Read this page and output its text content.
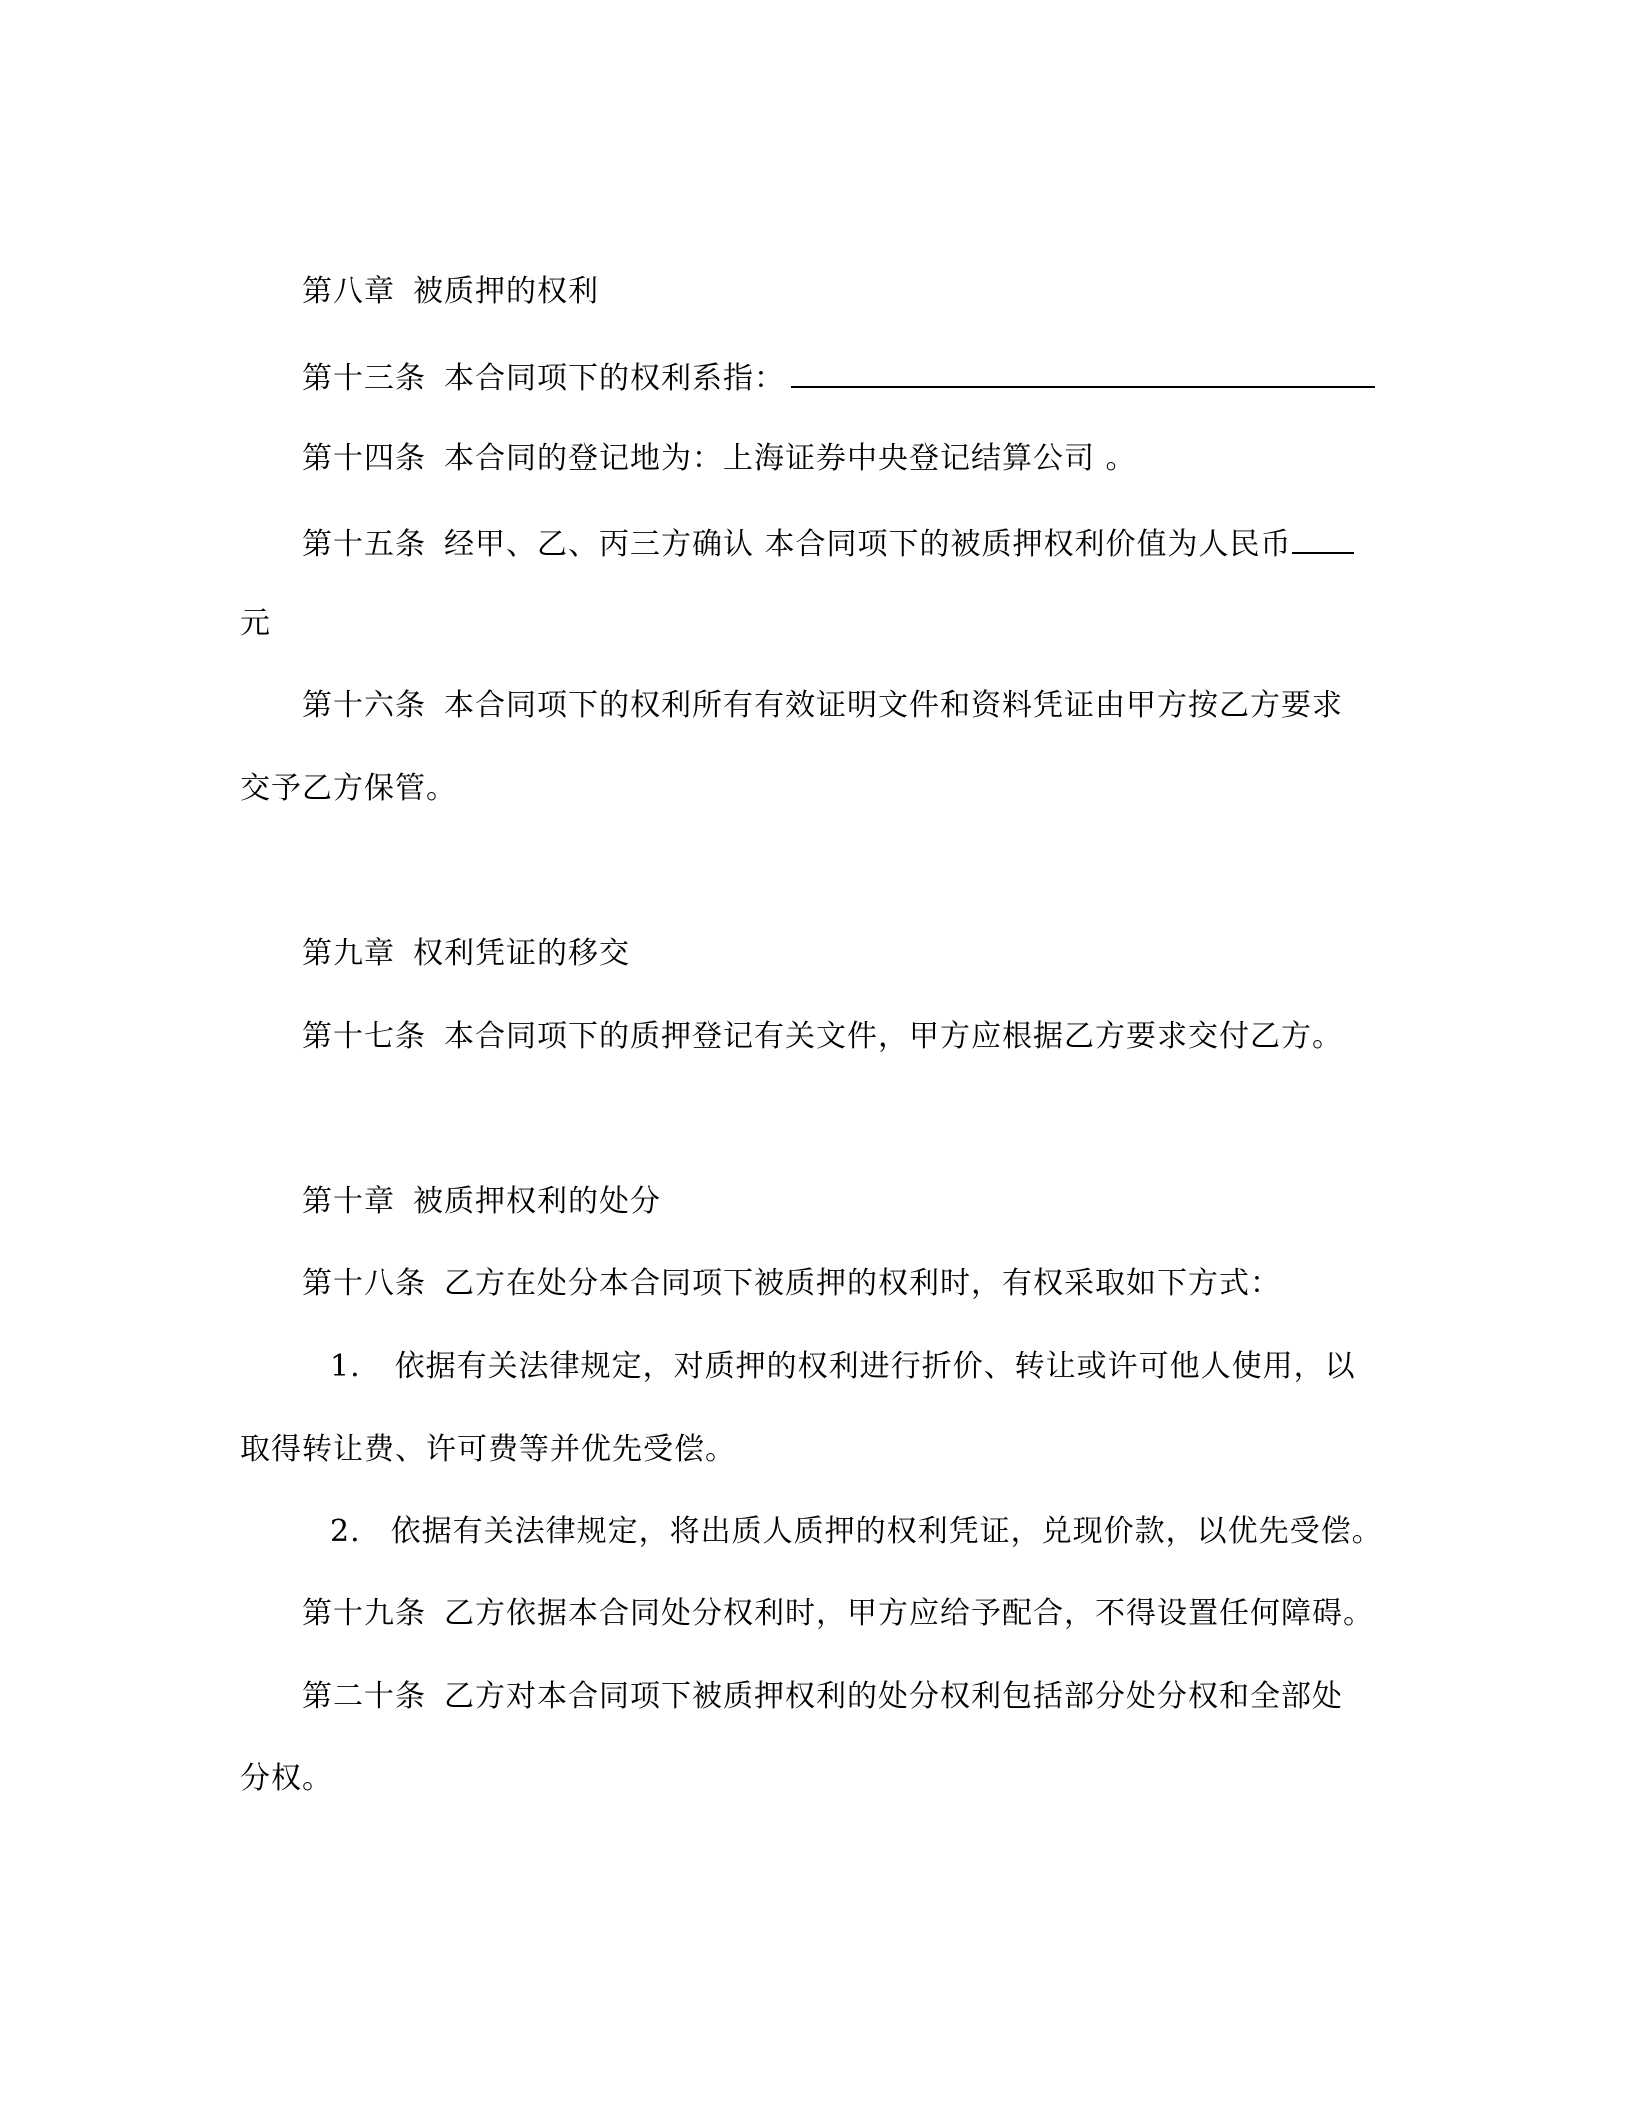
第八章 被质押的权利
第十三条 本合同项下的权利系指：
第十四条 本合同的登记地为：上海证券中央登记结算公司 。
第十五条 经甲、乙、丙三方确认 本合同项下的被质押权利价值为人民币
元
第十六条 本合同项下的权利所有有效证明文件和资料凭证由甲方按乙方要求
交予乙方保管。
第九章 权利凭证的移交
第十七条 本合同项下的质押登记有关文件，甲方应根据乙方要求交付乙方。
第十章 被质押权利的处分
第十八条 乙方在处分本合同项下被质押的权利时，有权采取如下方式：
1. 依据有关法律规定，对质押的权利进行折价、转让或许可他人使用，以
取得转让费、许可费等并优先受偿。
2. 依据有关法律规定，将出质人质押的权利凭证，兑现价款，以优先受偿。
第十九条 乙方依据本合同处分权利时，甲方应给予配合，不得设置任何障碍。
第二十条 乙方对本合同项下被质押权利的处分权利包括部分处分权和全部处
分权。
